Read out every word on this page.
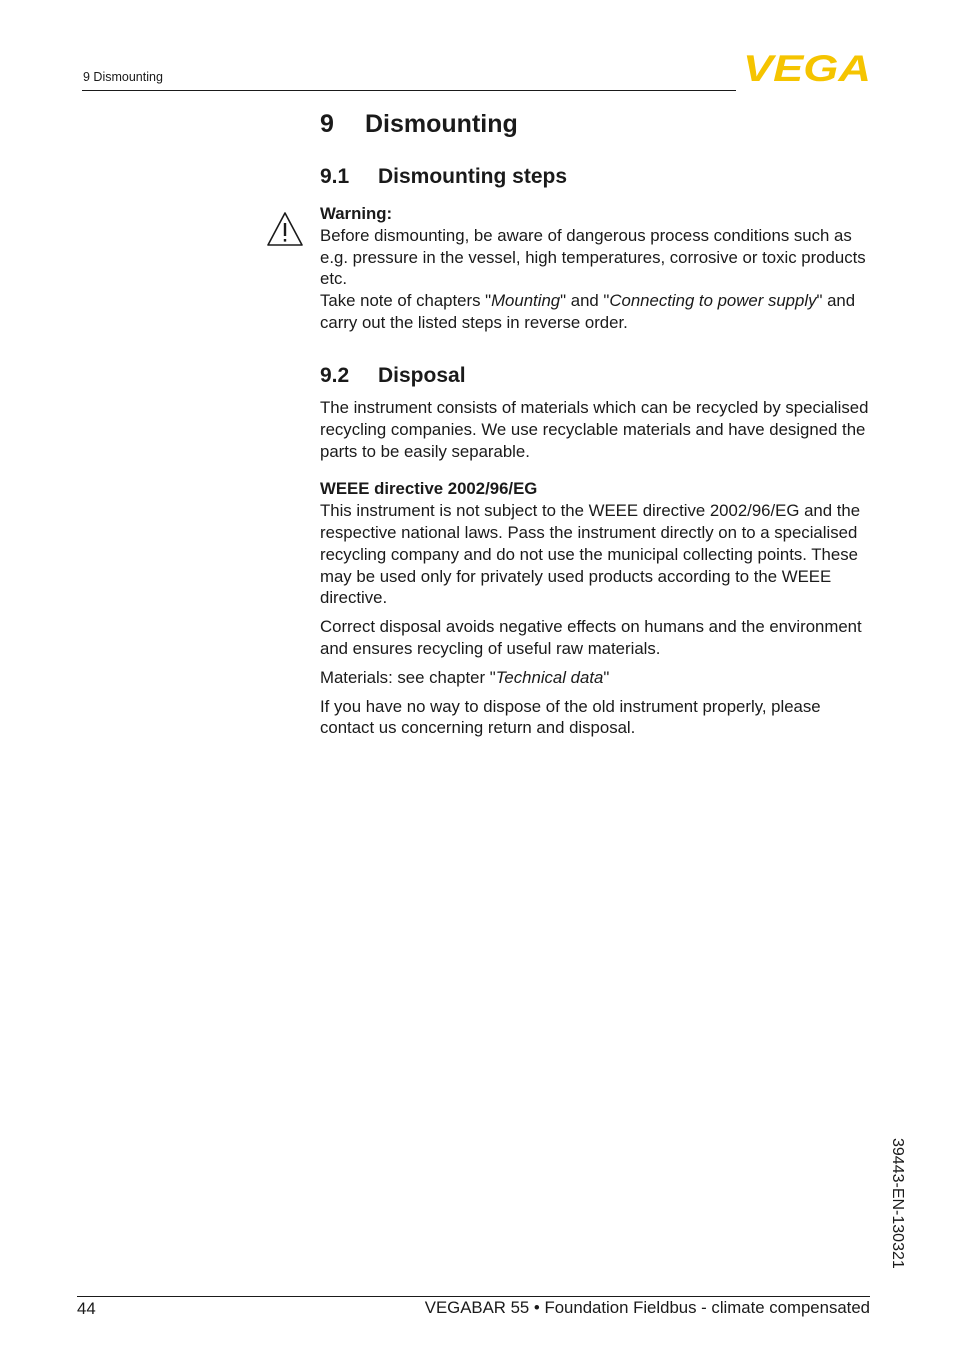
9 Dismounting	VEGA
9 Dismounting
9.1 Dismounting steps

Warning:
Before dismounting, be aware of dangerous process conditions such as e.g. pressure in the vessel, high temperatures, corrosive or toxic products etc.

Take note of chapters "Mounting" and "Connecting to power supply" and carry out the listed steps in reverse order.

9.2 Disposal

The instrument consists of materials which can be recycled by specialised recycling companies. We use recyclable materials and have designed the parts to be easily separable.

WEEE directive 2002/96/EG
This instrument is not subject to the WEEE directive 2002/96/EG and the respective national laws. Pass the instrument directly on to a specialised recycling company and do not use the municipal collecting points. These may be used only for privately used products according to the WEEE directive.

Correct disposal avoids negative effects on humans and the environment and ensures recycling of useful raw materials.

Materials: see chapter "Technical data"

If you have no way to dispose of the old instrument properly, please contact us concerning return and disposal.

39443-EN-130321
44	VEGABAR 55 • Foundation Fieldbus - climate compensated
